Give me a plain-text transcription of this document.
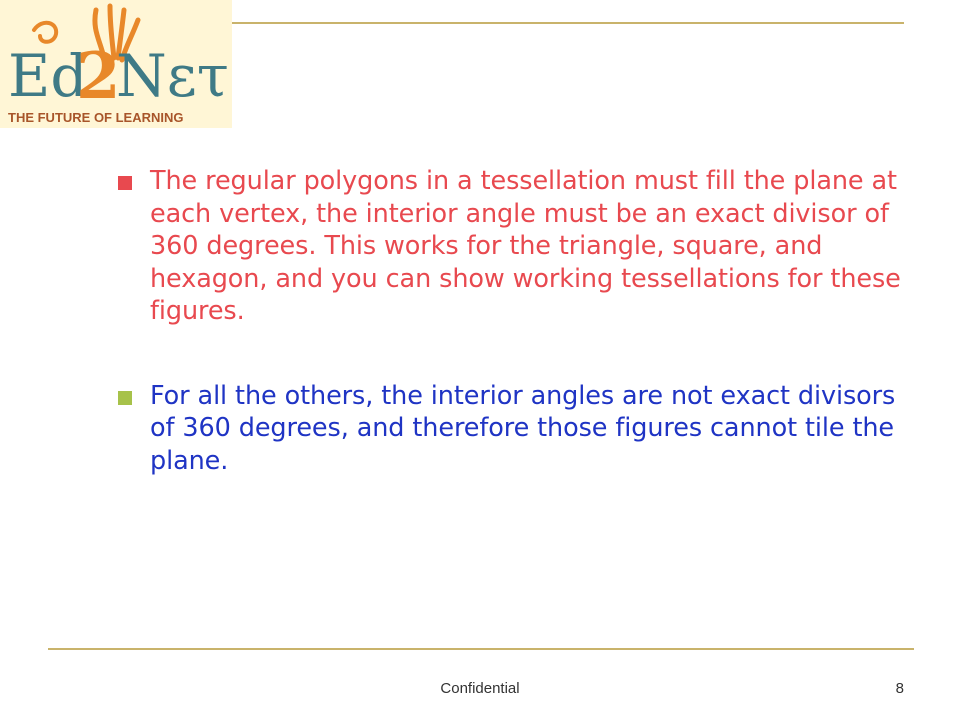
Ed
2
Nετ
THE FUTURE OF LEARNING
The regular polygons in a tessellation must fill the plane at each vertex, the interior angle must be an exact divisor of 360 degrees. This works for the triangle, square, and hexagon, and you can show working tessellations for these figures.
For all the others, the interior angles are not exact divisors of 360 degrees, and therefore those figures cannot tile the plane.
Confidential	8
